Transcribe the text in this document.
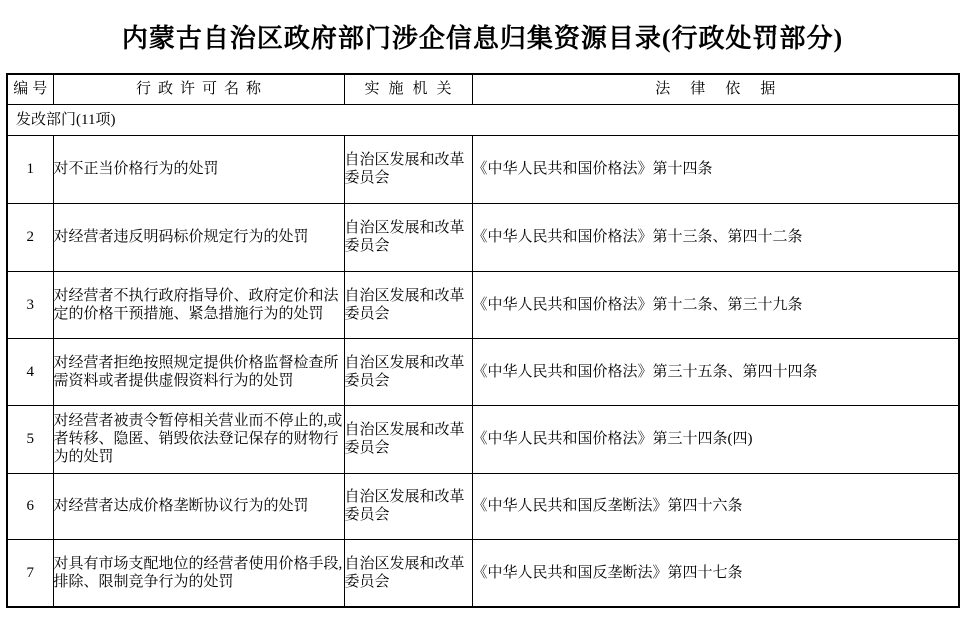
内蒙古自治区政府部门涉企信息归集资源目录(行政处罚部分)
编号	行政许可名称	实施机关	法律依据
发改部门(11项)			
1	对不正当价格行为的处罚	自治区发展和改革委员会	《中华人民共和国价格法》第十四条
2	对经营者违反明码标价规定行为的处罚	自治区发展和改革委员会	《中华人民共和国价格法》第十三条、第四十二条
3	对经营者不执行政府指导价、政府定价和法定的价格干预措施、紧急措施行为的处罚	自治区发展和改革委员会	《中华人民共和国价格法》第十二条、第三十九条
4	对经营者拒绝按照规定提供价格监督检查所需资料或者提供虚假资料行为的处罚	自治区发展和改革委员会	《中华人民共和国价格法》第三十五条、第四十四条
5	对经营者被责令暂停相关营业而不停止的,或者转移、隐匿、销毁依法登记保存的财物行为的处罚	自治区发展和改革委员会	《中华人民共和国价格法》第三十四条(四)
6	对经营者达成价格垄断协议行为的处罚	自治区发展和改革委员会	《中华人民共和国反垄断法》第四十六条
7	对具有市场支配地位的经营者使用价格手段,排除、限制竞争行为的处罚	自治区发展和改革委员会	《中华人民共和国反垄断法》第四十七条
